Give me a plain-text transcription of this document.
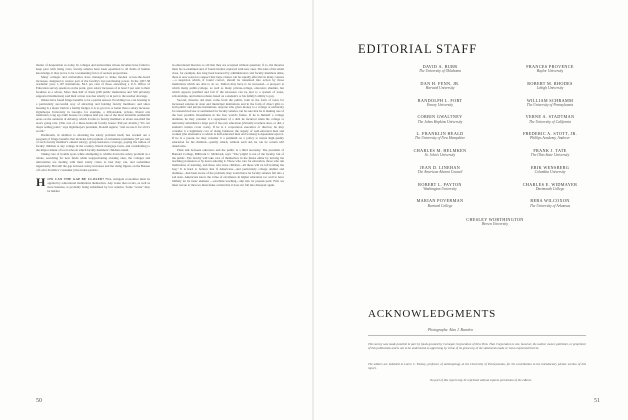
matter of desperation as today. In colleges and universities whose incomes have failed to keep pace with rising costs, faculty salaries have been equalized to all fields of human knowledge, it may prove to be a weakening factor of serious proportions.

Many colleges and universities have managed to make modest across-the-board increases, designed to restore part of the faculty's lost purchasing power. In the 1957-58 academic year, 1,197 institutions, 84.5 per cent of those answering a U.S. Office of Education survey question on the point, gave salary increases of at least 5 per cent to their faculties as a whole. More than half of them (248 public institutions and 329 privately supported institutions) said their action was due wholly or in part to the teacher shortage.

Others have found fringe benefits to be a partial answer. Providing low-cost housing is a particularly successful way of attracting and holding faculty members; and since housing is a major item in a family budget, it is as good as or better than a salary increase. Oglethorpe University in Georgia, for example, a 200-student, private, liberal arts institution, long ago built houses on campus land (on one of the most desirable residential areas on the outskirts of Atlanta), which it rents to faculty members at about one-third the area's going rate. (The cost of a three-bedroom faculty house: $50 per month.) "It's our major selling point," says Oglethorpe's president, Donald Agnew, "and we use it for all it's worth."

Dartmouth, in addition to attacking the salary problem itself, has worked out a program of fringe benefits that includes full payment of retirement premiums (18 per cent of each faculty member's annual salary), group insurance coverage, paying the tuition of faculty children at any college in the country, liberal mortgage loans, and contributing to the improvement of local schools which faculty members' children attend.

Taking care of trouble spots while attempting to whittle down the salary problem as a whole, searching for new funds while reapportioning existing ones, the colleges and universities are dealing with their salary crises as best they can, and sometimes ingeniously. But still the gap between salary increases and the rising figures on the Bureau of Labor Statistics' consumer price index persists.

H OW CAN THE GAP BE CLOSED? First, stringent economies must be applied by educational institutions themselves. Any waste that occurs, as well as most luxuries, is probably being subsidized by low salaries. Some "waste" may be hidden

in educational theories so old that they are accepted without question; if so, the theories must be re-examined and, if found invalid, replaced with new ones. The idea of the small class, for example, has long been honored by administrators and faculty members alike; there is now reason to suspect that large classes can be equally effective in many courses—a suspicion which, if found correct, should be translated into action by those institutions which are able to do so. Tuition may have to be increased—a prospect at which many public-college, as well as many private-college, educators shudder, but which appears justified and fair if the increases can be tied to a system of loans, scholarships, and tuition rebates based on a student's or his family's ability to pay.

Second, massive aid must come from the public, both in the form of taxes for increased salaries in state and municipal institutions and in the form of direct gifts to both public and private institutions. Anyone who gives money to a college or university for unrestricted use or earmarked for faculty salaries can be sure that he is making one of the best possible investments in the free world's future. If he is himself a college alumnus, he may consider it a repayment of a debt he incurred when his college or university subsidized a large part of his own education (virtually nowhere does, or did, a student's tuition cover costs). If he is a corporation executive or director, he may consider it a legitimate cost of doing business; the supply of well-educated men and women (the alternative to which is half-educated men and women) is dependent upon it. If he is a parent, he may consider it a premium on a policy to insure high-quality education for his children—quality which, without such aid, he can be certain will deteriorate.

Plain talk between educators and the public is a third necessity. The president of Barnard College, Millicent C. McIntosh, says: "The 'plight' is not of the faculty, but of the public. The faculty will take care of themselves in the future either by leaving the teaching profession or by never entering it. Those who care for education, those who run institutions of learning, and those who have children—all these will be left holding the bag." It is hard to believe that if Americans—and particularly college alumni and alumnae—had been aware of the problem, they would have let faculty salaries fall into a sad state. Americans know the value of excellence in higher education too well to have blithely let its basic element —excellent teaching—slip into its present peril. First we must rescue it; then we must make certain that it does not fall into disrepair again.

50
EDITORIAL STAFF
DAVID A. BURR
The University of Oklahoma
FRANCES PROVENCE
Baylor University
DAN H. FENN, JR.
Harvard University
ROBERT M. RHODES
Lehigh University
RANDOLPH L. FORT
Emory University
WILLIAM SCHRAMM
The University of Pennsylvania
CORBIN GWALTNEY
The Johns Hopkins University
VERNE A. STADTMAN
The University of California
L. FRANKLIN HEALD
The University of New Hampshire
FREDERIC A. STOTT, JR.
Phillips Academy, Andover
CHARLES M. HELMKEN
St. John's University
FRANK J. TATE
The Ohio State University
JEAN D. LINEHAN
The American Alumni Council
ERIK WENSBERG
Columbia University
ROBERT L. PAYTON
Washington University
CHARLES E. WIDMAYER
Dartmouth College
MARIAN POVERMAN
Barnard College
REBA WILCOXON
The University of Arkansas
CHESLEY WORTHINGTON
Brown University
ACKNOWLEDGMENTS
Photographs: Alan J. Bearden
This survey was made possible in part by funds granted by Carnegie Corporation of New York. That Corporation is not, however, the author, owner, publisher, or proprietor of this publication and is not to be understood as approving by virtue of its grant any of the statements made or views expressed therein.
The editors are indebted to Loren C. Eiseley, professor of anthropology at the University of Pennsylvania, for his contribution to the introductory picture section of this report.
No part of this report may be reprinted without express permission of the editors.
51
